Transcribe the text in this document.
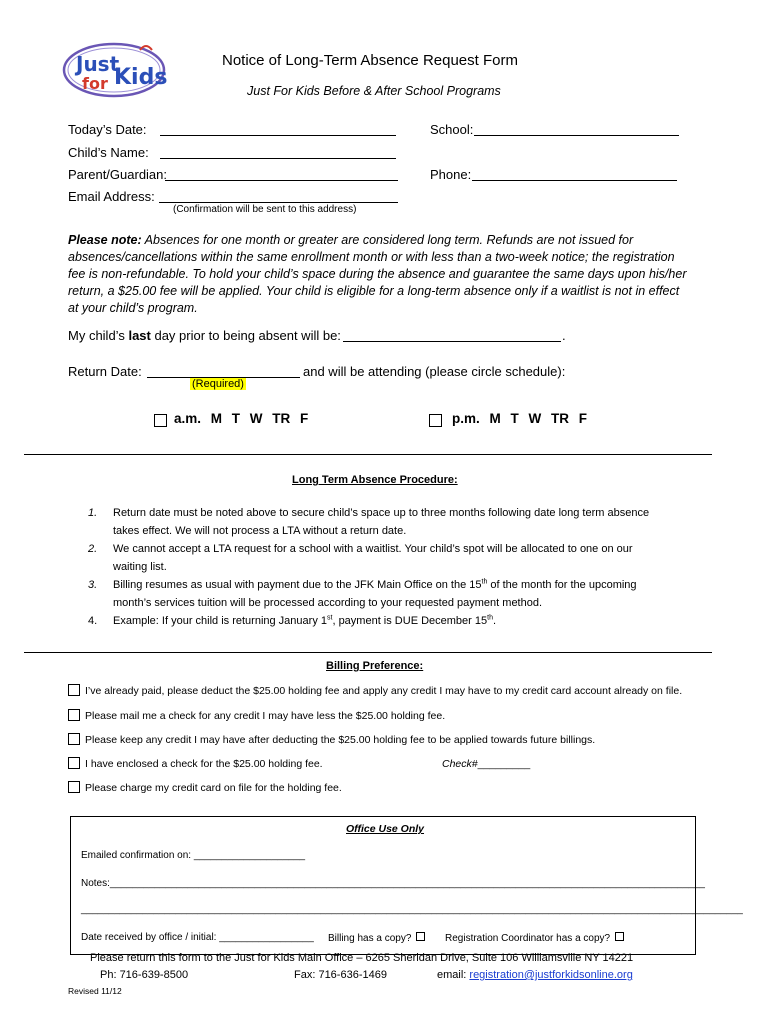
Just
for Kids
Notice of Long-Term Absence Request Form
Just For Kids Before & After School Programs
Today’s Date:	School:
Child’s Name:
Parent/Guardian:	Phone:
Email Address:
(Confirmation will be sent to this address)
Please note: Absences for one month or greater are considered long term. Refunds are not issued for absences/cancellations within the same enrollment month or with less than a two-week notice; the registration fee is non-refundable. To hold your child’s space during the absence and guarantee the same days upon his/her return, a $25.00 fee will be applied. Your child is eligible for a long-term absence only if a waitlist is not in effect at your child’s program.
My child’s last day prior to being absent will be:	.
Return Date:	and will be attending (please circle schedule):
(Required)
a.m. M T W TR F	p.m. M T W TR F
Long Term Absence Procedure:
1. Return date must be noted above to secure child’s space up to three months following date long term absence
takes effect. We will not process a LTA without a return date.
2. We cannot accept a LTA request for a school with a waitlist. Your child’s spot will be allocated to one on our
waiting list.
3. Billing resumes as usual with payment due to the JFK Main Office on the 15th of the month for the upcoming
month’s services tuition will be processed according to your requested payment method.
4. Example: If your child is returning January 1st, payment is DUE December 15th.
Billing Preference:
I’ve already paid, please deduct the $25.00 holding fee and apply any credit I may have to my credit card account already on file.
Please mail me a check for any credit I may have less the $25.00 holding fee.
Please keep any credit I may have after deducting the $25.00 holding fee to be applied towards future billings.
I have enclosed a check for the $25.00 holding fee.	Check#_________
Please charge my credit card on file for the holding fee.
Office Use Only
Emailed confirmation on: ____________________
Notes:___________________________________________________________________________________________________________
_______________________________________________________________________________________________________________________
Date received by office / initial: _________________ Billing has a copy?	Registration Coordinator has a copy?
Please return this form to the Just for Kids Main Office – 6265 Sheridan Drive, Suite 106 Williamsville NY 14221
Ph: 716-639-8500	Fax: 716-636-1469	email: registration@justforkidsonline.org
Revised 11/12
